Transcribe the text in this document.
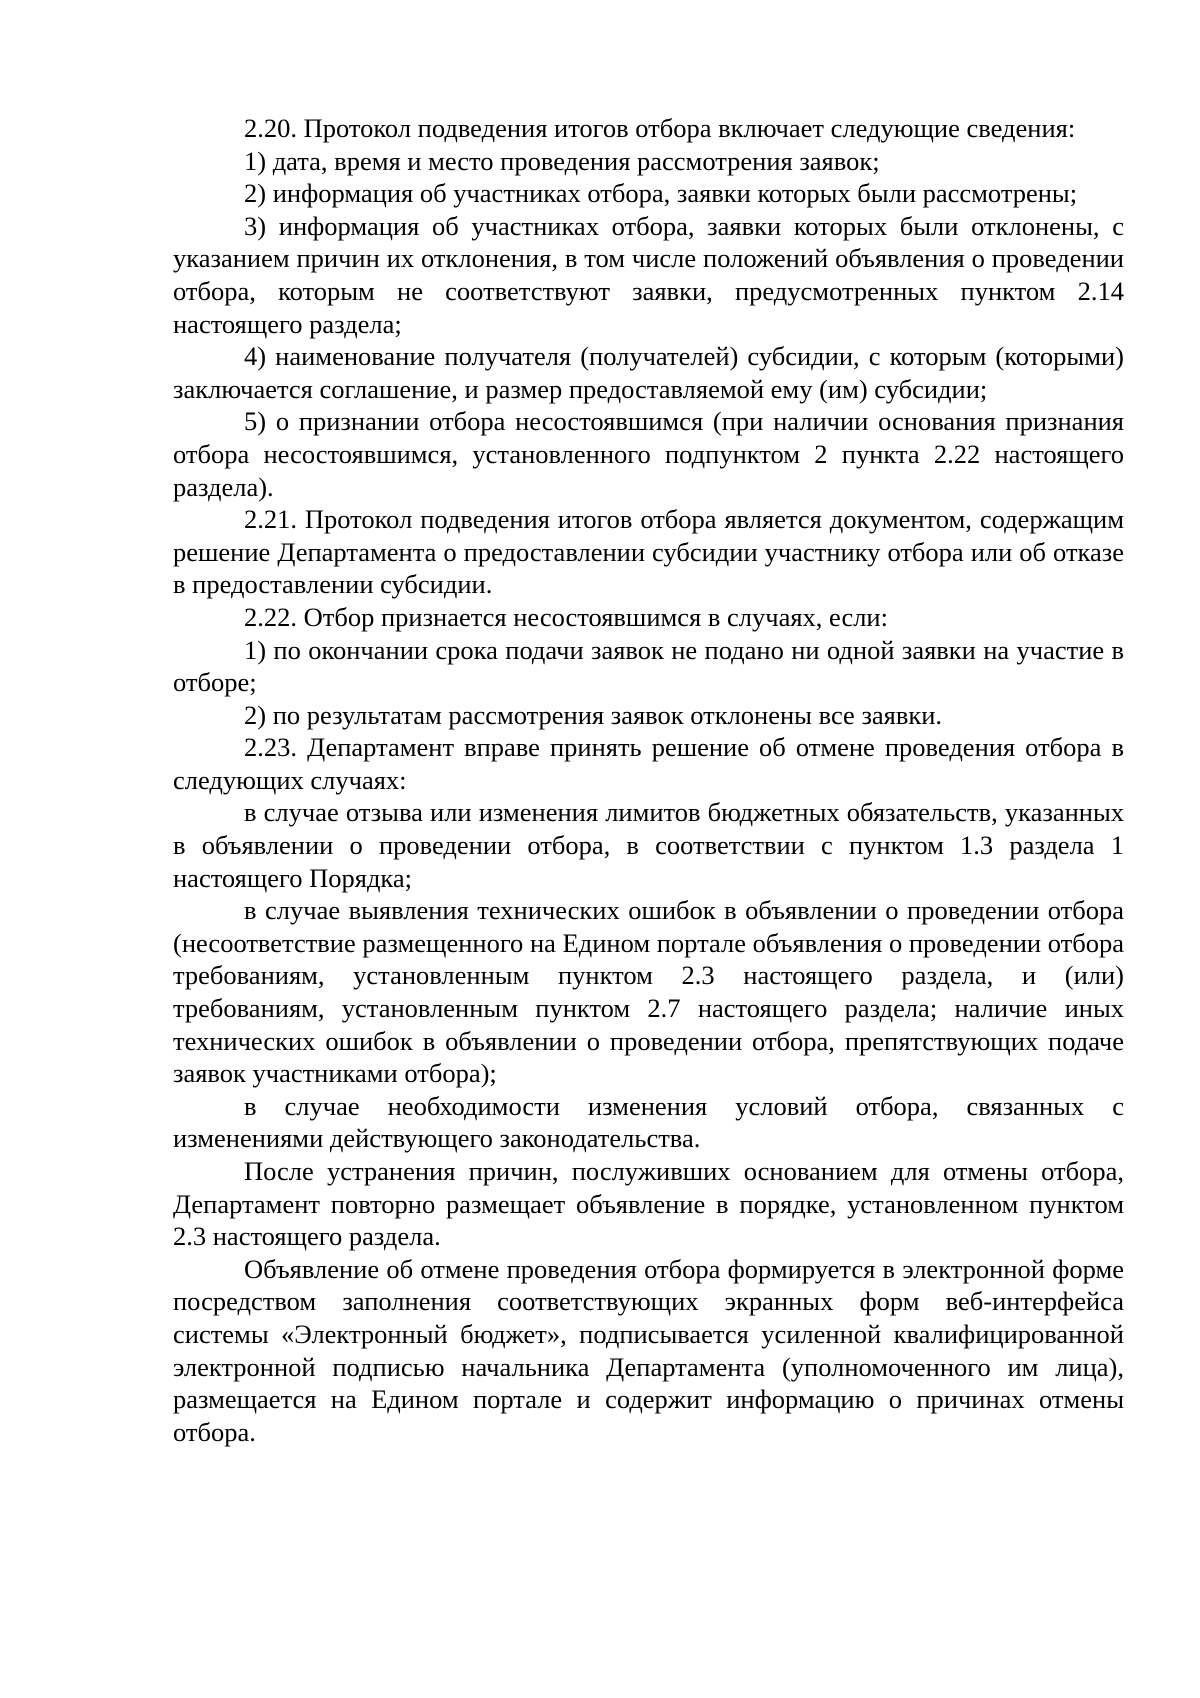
2.20. Протокол подведения итогов отбора включает следующие сведения:

1) дата, время и место проведения рассмотрения заявок;

2) информация об участниках отбора, заявки которых были рассмотрены;

3) информация об участниках отбора, заявки которых были отклонены, с указанием причин их отклонения, в том числе положений объявления о проведении отбора, которым не соответствуют заявки, предусмотренных пунктом 2.14 настоящего раздела;

4) наименование получателя (получателей) субсидии, с которым (которыми) заключается соглашение, и размер предоставляемой ему (им) субсидии;

5) о признании отбора несостоявшимся (при наличии основания признания отбора несостоявшимся, установленного подпунктом 2 пункта 2.22 настоящего раздела).

2.21. Протокол подведения итогов отбора является документом, содержащим решение Департамента о предоставлении субсидии участнику отбора или об отказе в предоставлении субсидии.

2.22. Отбор признается несостоявшимся в случаях, если:

1) по окончании срока подачи заявок не подано ни одной заявки на участие в отборе;

2) по результатам рассмотрения заявок отклонены все заявки.

2.23. Департамент вправе принять решение об отмене проведения отбора в следующих случаях:

в случае отзыва или изменения лимитов бюджетных обязательств, указанных в объявлении о проведении отбора, в соответствии с пунктом 1.3 раздела 1 настоящего Порядка;

в случае выявления технических ошибок в объявлении о проведении отбора (несоответствие размещенного на Едином портале объявления о проведении отбора требованиям, установленным пунктом 2.3 настоящего раздела, и (или) требованиям, установленным пунктом 2.7 настоящего раздела; наличие иных технических ошибок в объявлении о проведении отбора, препятствующих подаче заявок участниками отбора);

в случае необходимости изменения условий отбора, связанных с изменениями действующего законодательства.

После устранения причин, послуживших основанием для отмены отбора, Департамент повторно размещает объявление в порядке, установленном пунктом 2.3 настоящего раздела.

Объявление об отмене проведения отбора формируется в электронной форме посредством заполнения соответствующих экранных форм веб-интерфейса системы «Электронный бюджет», подписывается усиленной квалифицированной электронной подписью начальника Департамента (уполномоченного им лица), размещается на Едином портале и содержит информацию о причинах отмены отбора.
